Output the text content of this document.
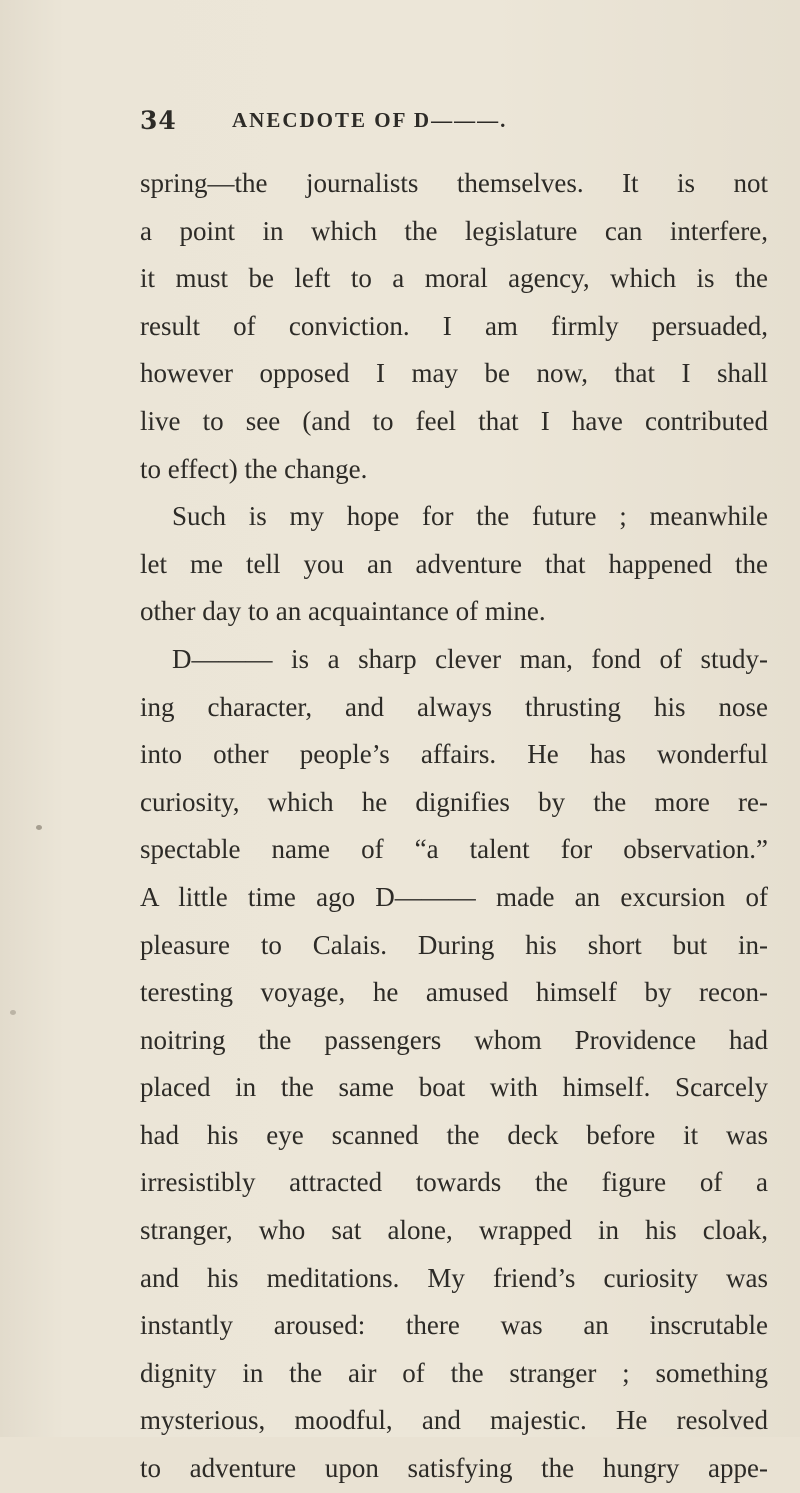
34	ANECDOTE OF D———.
spring—the journalists themselves. It is not
a point in which the legislature can interfere,
it must be left to a moral agency, which is the
result of conviction. I am firmly persuaded,
however opposed I may be now, that I shall
live to see (and to feel that I have contributed
to effect) the change.
Such is my hope for the future ; meanwhile
let me tell you an adventure that happened the
other day to an acquaintance of mine.
D——— is a sharp clever man, fond of study-
ing character, and always thrusting his nose
into other people’s affairs. He has wonderful
curiosity, which he dignifies by the more re-
spectable name of “a talent for observation.”
A little time ago D——— made an excursion of
pleasure to Calais. During his short but in-
teresting voyage, he amused himself by recon-
noitring the passengers whom Providence had
placed in the same boat with himself. Scarcely
had his eye scanned the deck before it was
irresistibly attracted towards the figure of a
stranger, who sat alone, wrapped in his cloak,
and his meditations. My friend’s curiosity was
instantly aroused: there was an inscrutable
dignity in the air of the stranger ; something
mysterious, moodful, and majestic. He resolved
to adventure upon satisfying the hungry appe-
